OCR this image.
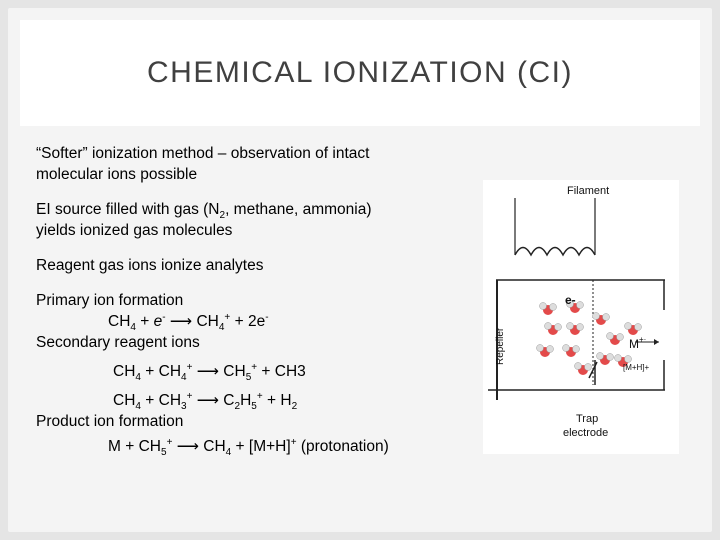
CHEMICAL IONIZATION (CI)

“Softer” ionization method – observation of intact

molecular ions possible

EI source filled with gas ($N_2$, methane, ammonia)

yields ionized gas molecules

Reagent gas ions ionize analytes

Primary ion formation

$CH_4 + e^-$ ⟶ $CH_4^+ + 2e^-$

Secondary reagent ions

$CH_4 + CH_4^+$ ⟶ $CH_5^+ + CH3$

$CH_4 + CH_3^+$ ⟶ $C_2H_5^+ + H_2$

Product ion formation

$M + CH_5^+$ ⟶ $CH_4 + [M+H]^+$ (protonation)

Filament
Repeller
e-
M +·
[M+H]+
Trap
electrode
